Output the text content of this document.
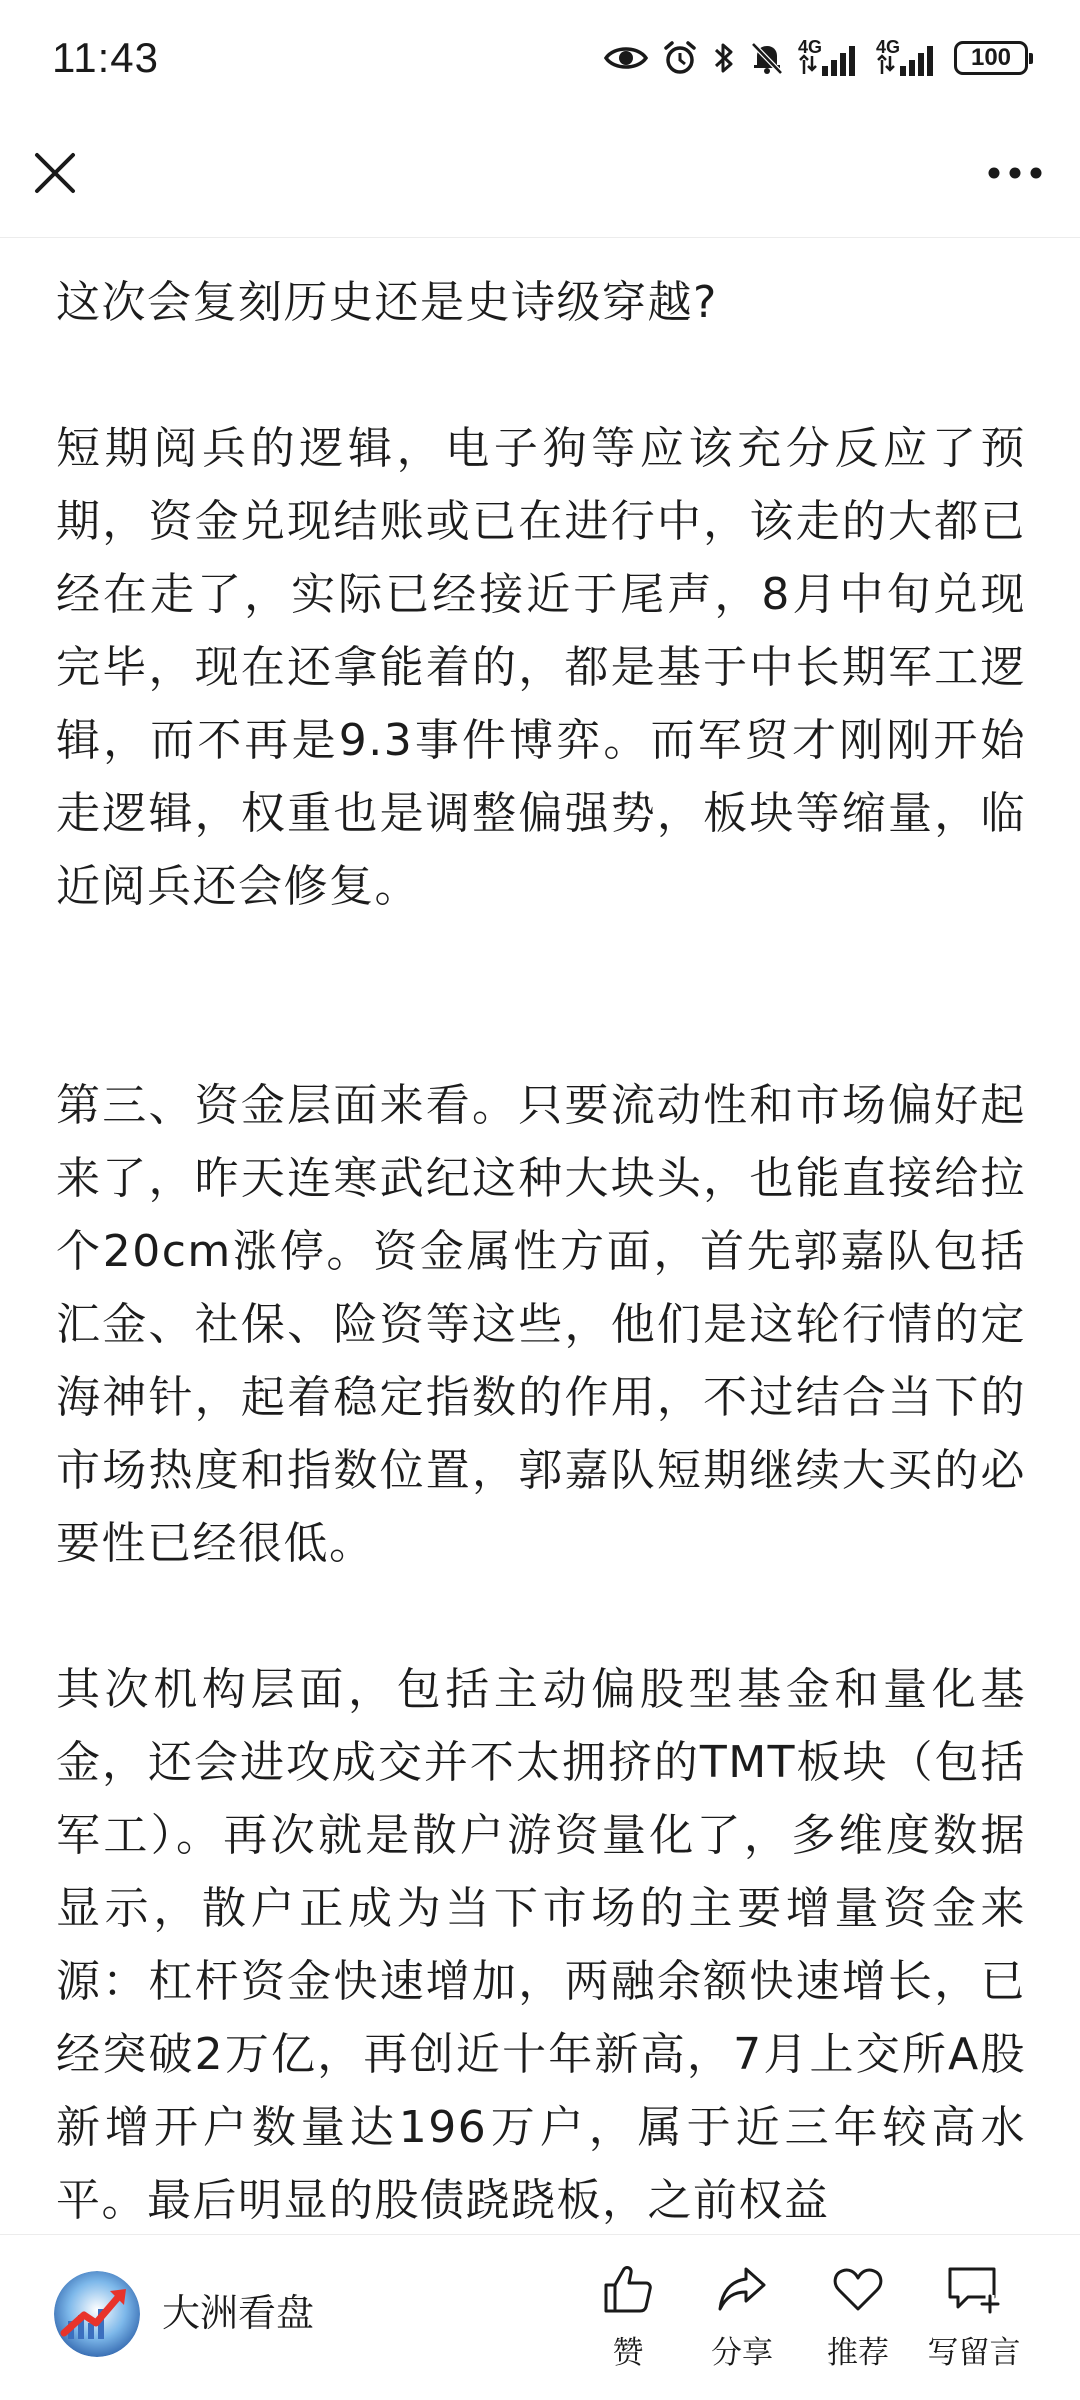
11:43	4G	4G	100

这次会复刻历史还是史诗级穿越?

短期阅兵的逻辑，电子狗等应该充分反应了预期，资金兑现结账或已在进行中，该走的大都已经在走了，实际已经接近于尾声，8月中旬兑现完毕，现在还拿能着的，都是基于中长期军工逻辑，而不再是9.3事件博弈。而军贸才刚刚开始走逻辑，权重也是调整偏强势，板块等缩量，临近阅兵还会修复。

第三、资金层面来看。只要流动性和市场偏好起来了，昨天连寒武纪这种大块头，也能直接给拉个20cm涨停。资金属性方面，首先郭嘉队包括汇金、社保、险资等这些，他们是这轮行情的定海神针，起着稳定指数的作用，不过结合当下的市场热度和指数位置，郭嘉队短期继续大买的必要性已经很低。

其次机构层面，包括主动偏股型基金和量化基金，还会进攻成交并不太拥挤的TMT板块（包括军工）。再次就是散户游资量化了，多维度数据显示，散户正成为当下市场的主要增量资金来源：杠杆资金快速增加，两融余额快速增长，已经突破2万亿，再创近十年新高，7月上交所A股新增开户数量达196万户，属于近三年较高水平。最后明显的股债跷跷板，之前权益

大洲看盘
赞 分享 推荐 写留言
